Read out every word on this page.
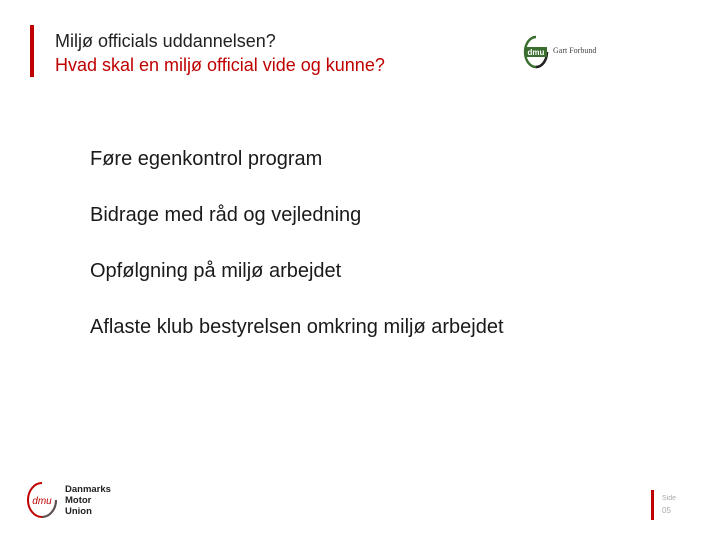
Miljø officials uddannelsen?
Hvad skal en miljø official vide og kunne?
dmu Gart Forbund
Føre egenkontrol program
Bidrage med råd og vejledning
Opfølgning på miljø arbejdet
Aflaste klub bestyrelsen omkring miljø arbejdet
dmu
Danmarks
Motor
Union
Side
05
